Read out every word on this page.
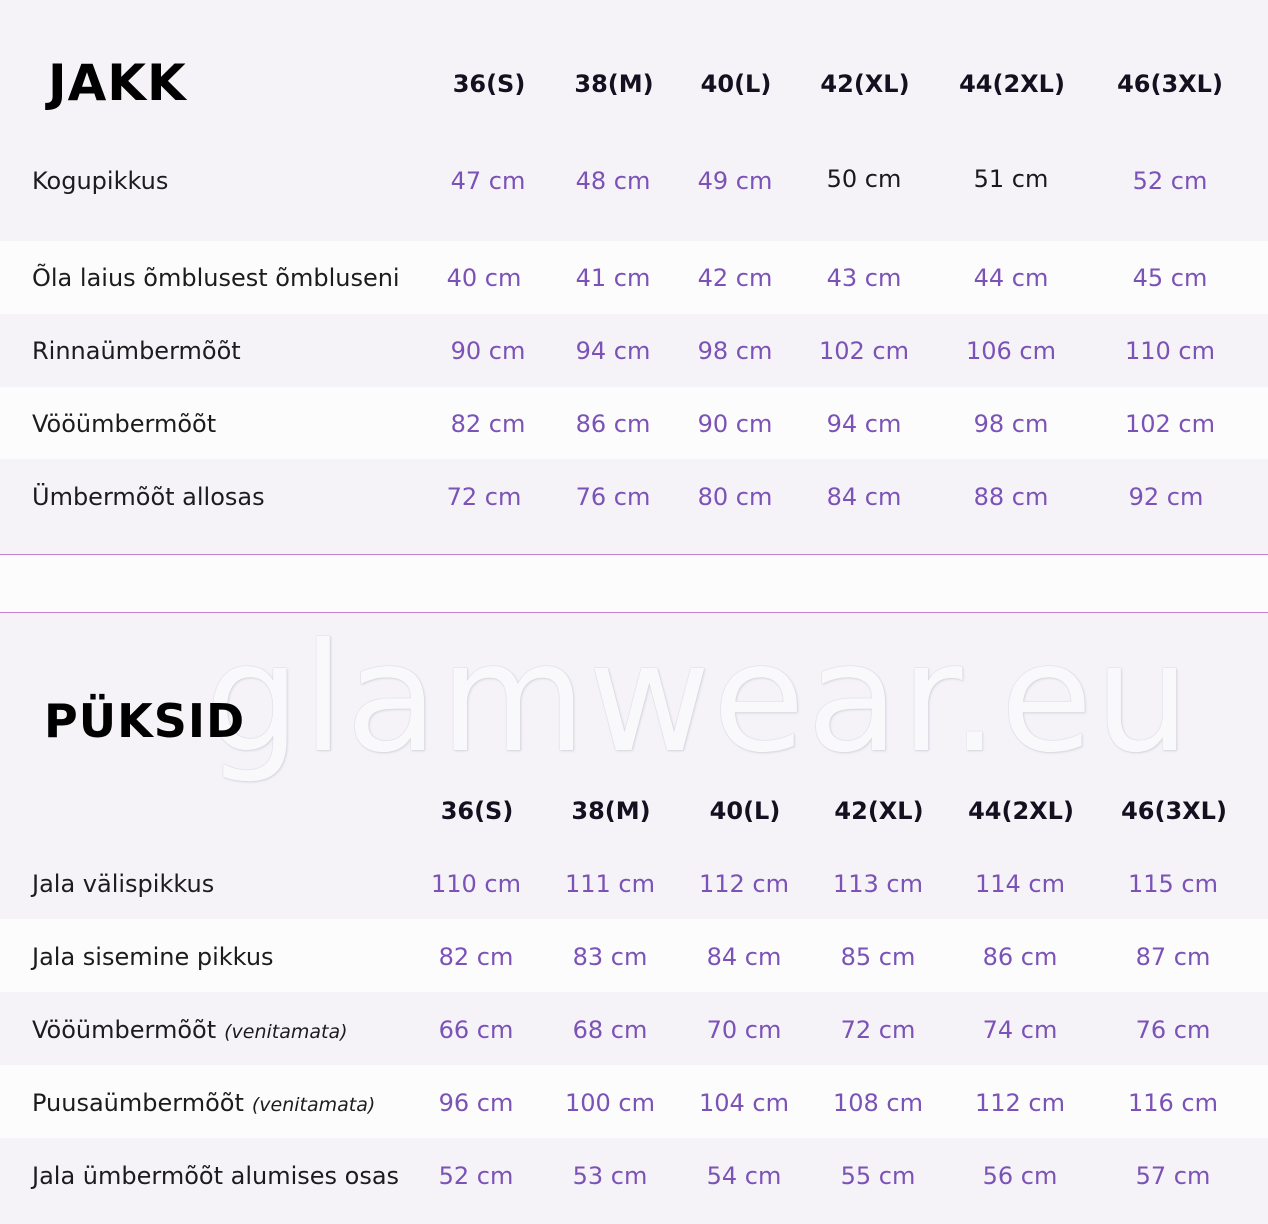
glamwear.eu
JAKK	36(S) 38(M) 40(L) 42(XL) 44(2XL) 46(3XL)
Kogupikkus	47 cm 48 cm 49 cm 50 cm	51 cm	52 cm
Õla laius õmblusest õmbluseni 40 cm 41 cm 42 cm 43 cm	44 cm	45 cm
Rinnaümbermõõt	90 cm 94 cm 98 cm 102 cm 106 cm	110 cm
Vööümbermõõt	82 cm 86 cm 90 cm 94 cm	98 cm	102 cm
Ümbermõõt allosas	72 cm 76 cm 80 cm 84 cm	88 cm	92 cm
PÜKSID
36(S) 38(M) 40(L) 42(XL) 44(2XL) 46(3XL)
Jala välispikkus	110 cm 111 cm 112 cm 113 cm 114 cm	115 cm
Jala sisemine pikkus	82 cm 83 cm 84 cm 85 cm	86 cm	87 cm
Vööümbermõõt (venitamata)	66 cm 68 cm 70 cm 72 cm	74 cm	76 cm
Puusaümbermõõt (venitamata)	96 cm 100 cm 104 cm 108 cm 112 cm	116 cm
Jala ümbermõõt alumises osas 52 cm 53 cm 54 cm 55 cm	56 cm	57 cm
